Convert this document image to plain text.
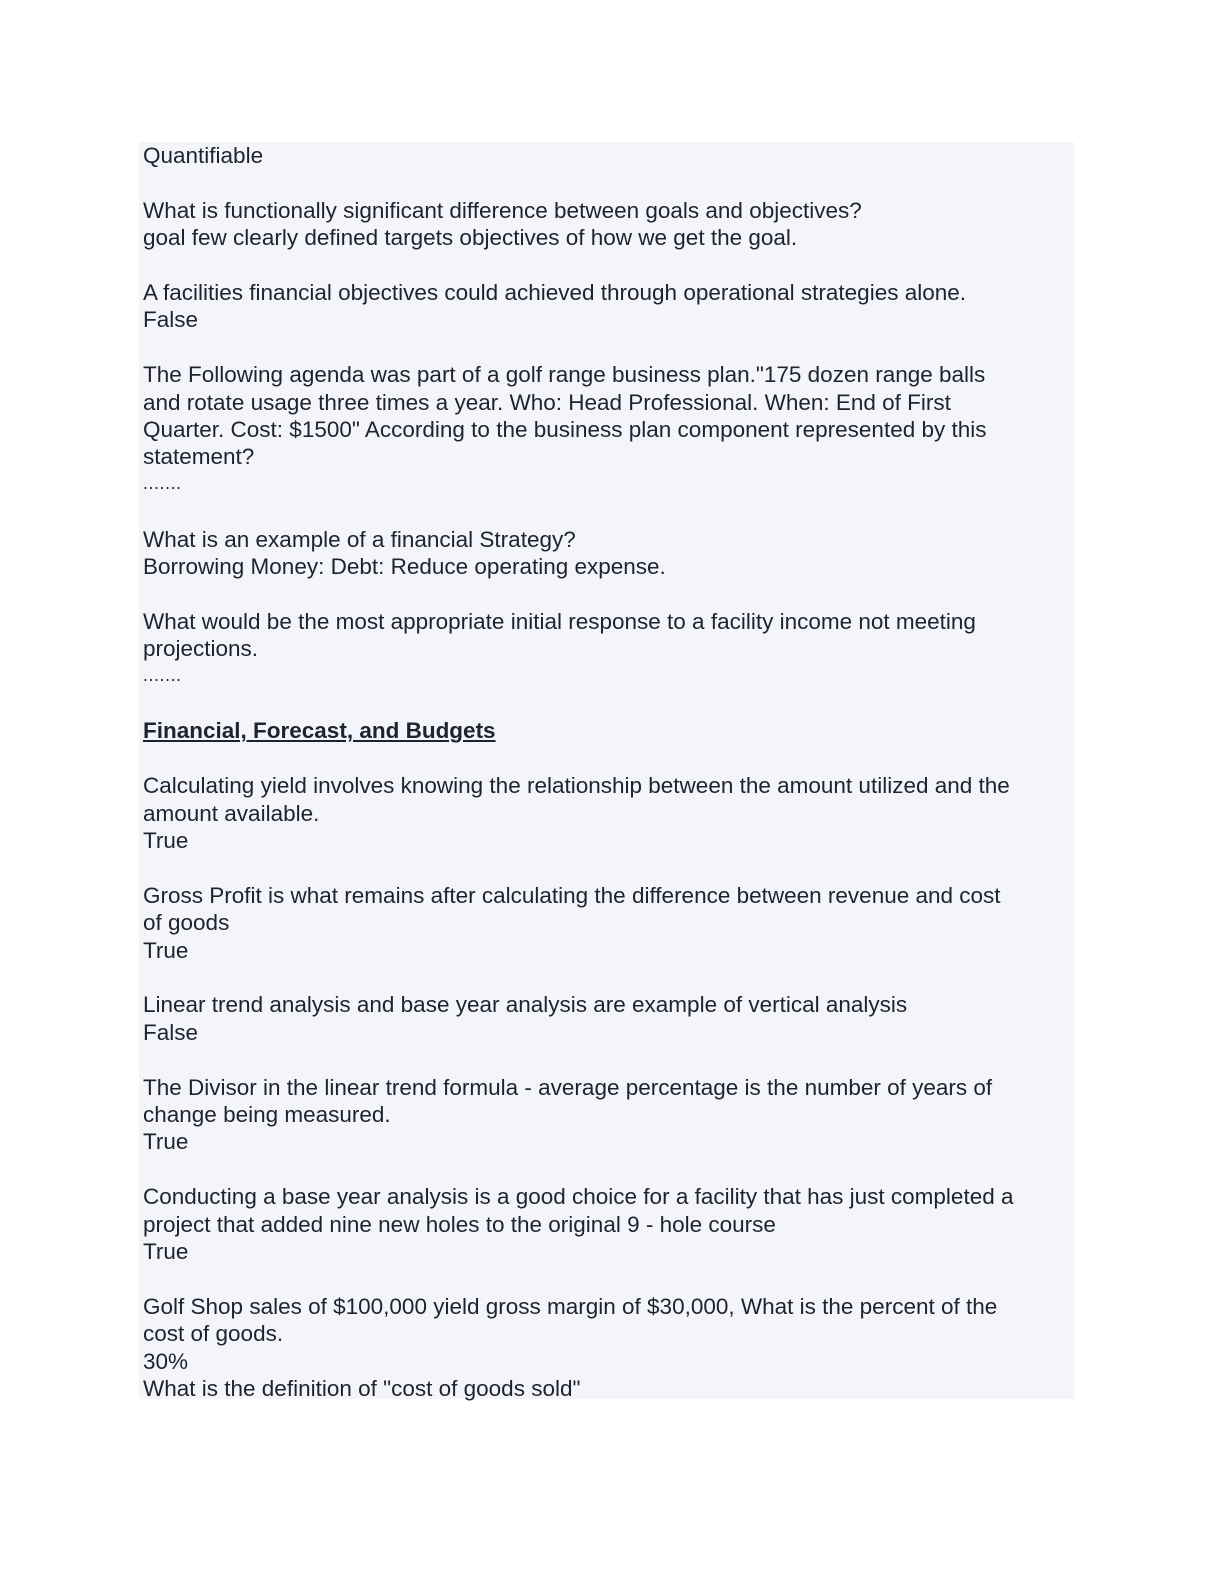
Quantifiable
What is functionally significant difference between goals and objectives?
goal few clearly defined targets objectives of how we get the goal.
A facilities financial objectives could achieved through operational strategies alone.
False
The Following agenda was part of a golf range business plan."175 dozen range balls
and rotate usage three times a year. Who: Head Professional. When: End of First
Quarter. Cost: $1500" According to the business plan component represented by this
statement?
.......
What is an example of a financial Strategy?
Borrowing Money: Debt: Reduce operating expense.
What would be the most appropriate initial response to a facility income not meeting
projections.
.......
Financial, Forecast, and Budgets
Calculating yield involves knowing the relationship between the amount utilized and the
amount available.
True
Gross Profit is what remains after calculating the difference between revenue and cost
of goods
True
Linear trend analysis and base year analysis are example of vertical analysis
False
The Divisor in the linear trend formula - average percentage is the number of years of
change being measured.
True
Conducting a base year analysis is a good choice for a facility that has just completed a
project that added nine new holes to the original 9 - hole course
True
Golf Shop sales of $100,000 yield gross margin of $30,000, What is the percent of the
cost of goods.
30%
What is the definition of "cost of goods sold"
